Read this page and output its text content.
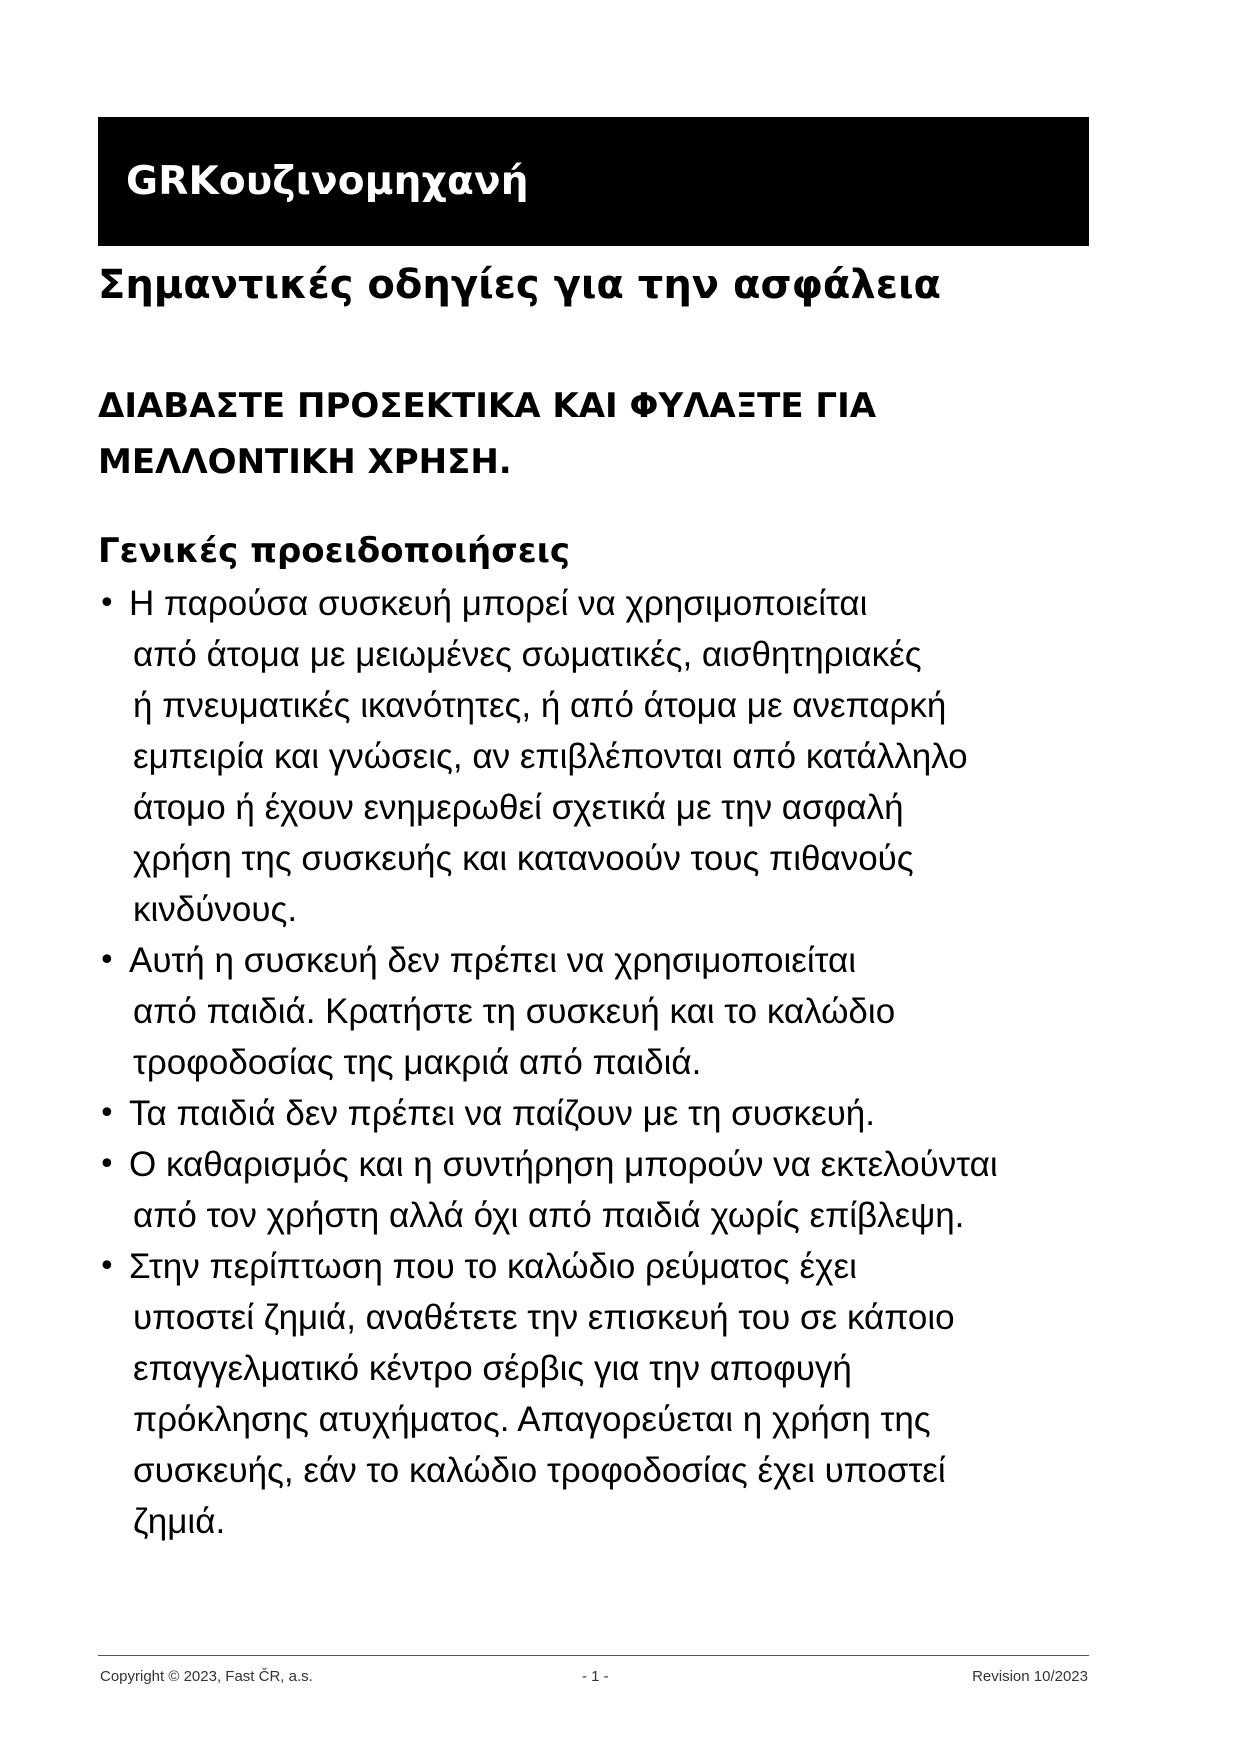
GRΚουζινομηχανή
Σημαντικές οδηγίες για την ασφάλεια
ΔΙΑΒΑΣΤΕ ΠΡΟΣΕΚΤΙΚΑ ΚΑΙ ΦΥΛΑΞΤΕ ΓΙΑ
ΜΕΛΛΟΝΤΙΚΗ ΧΡΗΣΗ.
Γενικές προειδοποιήσεις
• Η παρούσα συσκευή μπορεί να χρησιμοποιείται
από άτομα με μειωμένες σωματικές, αισθητηριακές
ή πνευματικές ικανότητες, ή από άτομα με ανεπαρκή
εμπειρία και γνώσεις, αν επιβλέπονται από κατάλληλο
άτομο ή έχουν ενημερωθεί σχετικά με την ασφαλή
χρήση της συσκευής και κατανοούν τους πιθανούς
κινδύνους.
• Αυτή η συσκευή δεν πρέπει να χρησιμοποιείται
από παιδιά. Κρατήστε τη συσκευή και το καλώδιο
τροφοδοσίας της μακριά από παιδιά.
• Τα παιδιά δεν πρέπει να παίζουν με τη συσκευή.
• Ο καθαρισμός και η συντήρηση μπορούν να εκτελούνται
από τον χρήστη αλλά όχι από παιδιά χωρίς επίβλεψη.
• Στην περίπτωση που το καλώδιο ρεύματος έχει
υποστεί ζημιά, αναθέτετε την επισκευή του σε κάποιο
επαγγελματικό κέντρο σέρβις για την αποφυγή
πρόκλησης ατυχήματος. Απαγορεύεται η χρήση της
συσκευής, εάν το καλώδιο τροφοδοσίας έχει υποστεί
ζημιά.
Copyright © 2023, Fast ČR, a.s.	- 1 -	Revision 10/2023
